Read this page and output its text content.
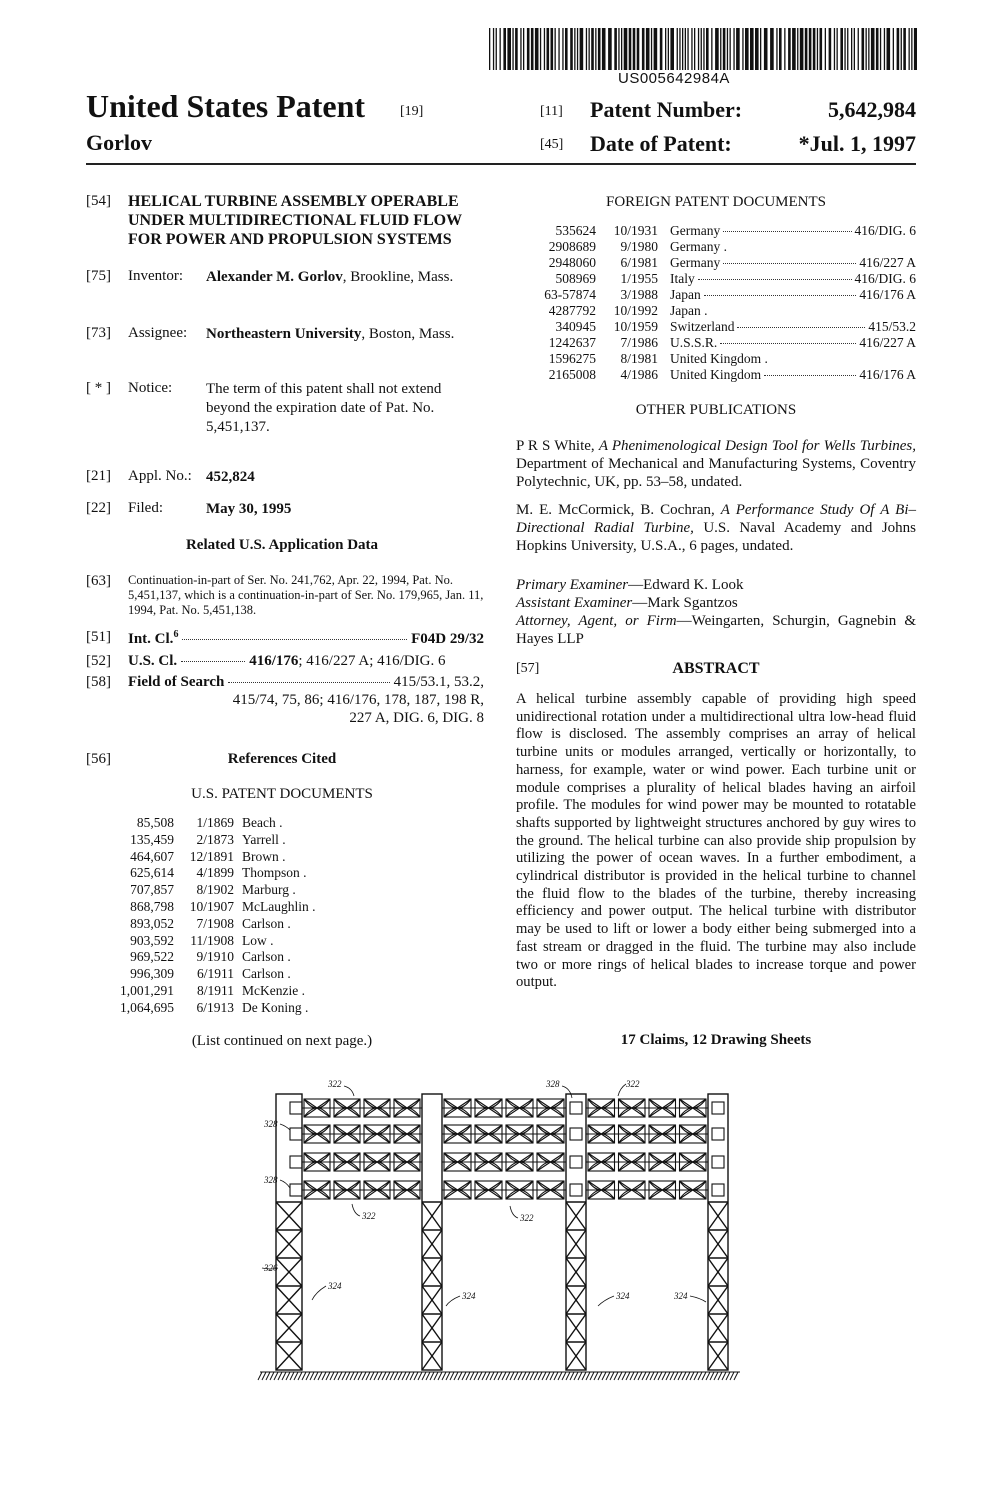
US005642984A
United States Patent [19]
Gorlov
[11] Patent Number:	5,642,984
[45] Date of Patent:	*Jul. 1, 1997
[54] HELICAL TURBINE ASSEMBLY OPERABLE UNDER MULTIDIRECTIONAL FLUID FLOW FOR POWER AND PROPULSION SYSTEMS
[75] Inventor: Alexander M. Gorlov, Brookline, Mass.
[73] Assignee: Northeastern University, Boston, Mass.
[ * ] Notice: The term of this patent shall not extend beyond the expiration date of Pat. No. 5,451,137.
[21] Appl. No.: 452,824
[22] Filed:	May 30, 1995
Related U.S. Application Data
[63] Continuation-in-part of Ser. No. 241,762, Apr. 22, 1994, Pat. No. 5,451,137, which is a continuation-in-part of Ser. No. 179,965, Jan. 11, 1994, Pat. No. 5,451,138.
[51] Int. Cl.$^6$	F04D 29/32
[52] U.S. Cl.	416/176; 416/227 A; 416/DIG. 6
[58] Field of Search	415/53.1, 53.2,
415/74, 75, 86; 416/176, 178, 187, 198 R,
227 A, DIG. 6, DIG. 8
[56]	References Cited
U.S. PATENT DOCUMENTS
85,508	1/1869 Beach .
135,459	2/1873 Yarrell .
464,607	12/1891 Brown .
625,614	4/1899 Thompson .
707,857	8/1902 Marburg .
868,798	10/1907 McLaughlin .
893,052	7/1908 Carlson .
903,592	11/1908 Low .
969,522	9/1910 Carlson .
996,309	6/1911 Carlson .
1,001,291	8/1911 McKenzie .
1,064,695	6/1913 De Koning .
(List continued on next page.)
FOREIGN PATENT DOCUMENTS
535624	10/1931 Germany	416/DIG. 6
2908689	9/1980 Germany .
2948060	6/1981 Germany	416/227 A
508969	1/1955 Italy	416/DIG. 6
63-57874	3/1988 Japan	416/176 A
4287792	10/1992 Japan .
340945	10/1959 Switzerland	415/53.2
1242637	7/1986 U.S.S.R.	416/227 A
1596275	8/1981 United Kingdom .
2165008	4/1986 United Kingdom	416/176 A
OTHER PUBLICATIONS
P R S White, A Phenimenological Design Tool for Wells Turbines, Department of Mechanical and Manufacturing Systems, Coventry Polytechnic, UK, pp. 53–58, undated.
M. E. McCormick, B. Cochran, A Performance Study Of A Bi–Directional Radial Turbine, U.S. Naval Academy and Johns Hopkins University, U.S.A., 6 pages, undated.
Primary Examiner—Edward K. Look
Assistant Examiner—Mark Sgantzos
Attorney, Agent, or Firm—Weingarten, Schurgin, Gagnebin & Hayes LLP
[57]	ABSTRACT
A helical turbine assembly capable of providing high speed unidirectional rotation under a multidirectional ultra low-head fluid flow is disclosed. The assembly comprises an array of helical turbine units or modules arranged, vertically or horizontally, to harness, for example, water or wind power. Each turbine unit or module comprises a plurality of helical blades having an airfoil profile. The modules for wind power may be mounted to rotatable shafts supported by lightweight structures anchored by guy wires to the ground. The helical turbine can also provide ship propulsion by utilizing the power of ocean waves. In a further embodiment, a cylindrical distributor is provided in the helical turbine to channel the fluid flow to the blades of the turbine, thereby increasing efficiency and power output. The helical turbine with distributor may be used to lift or lower a body either being submerged into a fast stream or dragged in the fluid. The turbine may also include two or more rings of helical blades to increase torque and power output.
17 Claims, 12 Drawing Sheets
322	328	322
328
328
322	322
326
324
324	324	324
